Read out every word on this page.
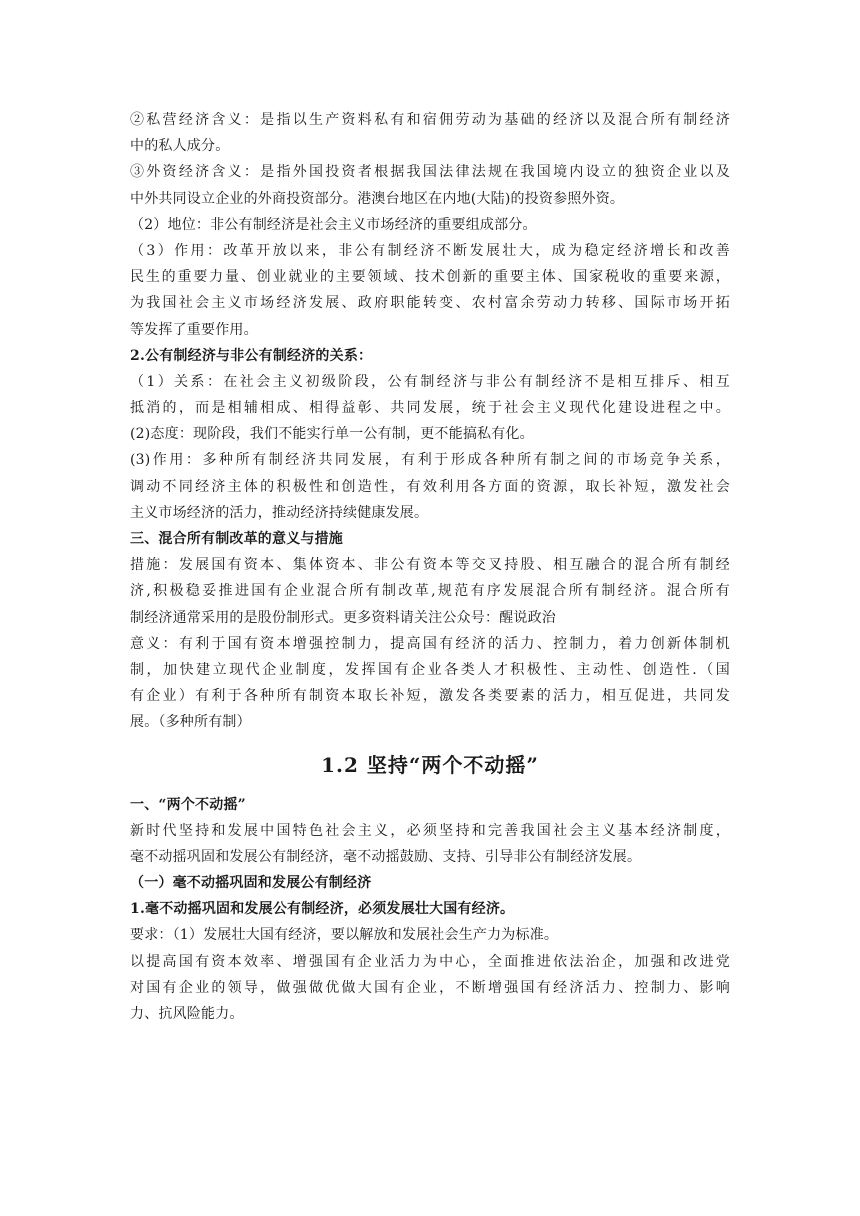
②私营经济含义：是指以生产资料私有和宿佣劳动为基础的经济以及混合所有制经济
中的私人成分。
③外资经济含义：是指外国投资者根据我国法律法规在我国境内设立的独资企业以及
中外共同设立企业的外商投资部分。港澳台地区在内地(大陆)的投资参照外资。
（2）地位：非公有制经济是社会主义市场经济的重要组成部分。
（3）作用：改革开放以来，非公有制经济不断发展壮大，成为稳定经济增长和改善
民生的重要力量、创业就业的主要领域、技术创新的重要主体、国家税收的重要来源，
为我国社会主义市场经济发展、政府职能转变、农村富余劳动力转移、国际市场开拓
等发挥了重要作用。
2.公有制经济与非公有制经济的关系：
（1）关系：在社会主义初级阶段，公有制经济与非公有制经济不是相互排斥、相互
抵消的，而是相辅相成、相得益彰、共同发展，统于社会主义现代化建设进程之中。
(2)态度：现阶段，我们不能实行单一公有制，更不能搞私有化。
(3)作用：多种所有制经济共同发展，有利于形成各种所有制之间的市场竞争关系，
调动不同经济主体的积极性和创造性，有效利用各方面的资源，取长补短，激发社会
主义市场经济的活力，推动经济持续健康发展。
三、混合所有制改革的意义与措施
措施：发展国有资本、集体资本、非公有资本等交叉持股、相互融合的混合所有制经
济,积极稳妥推进国有企业混合所有制改革,规范有序发展混合所有制经济。混合所有
制经济通常采用的是股份制形式。更多资料请关注公众号：醒说政治
意义：有利于国有资本增强控制力，提高国有经济的活力、控制力，着力创新体制机
制，加快建立现代企业制度，发挥国有企业各类人才积极性、主动性、创造性.（国
有企业）有利于各种所有制资本取长补短，激发各类要素的活力，相互促进，共同发
展。（多种所有制）
1.2 坚持“两个不动摇”
一、“两个不动摇”
新时代坚持和发展中国特色社会主义，必须坚持和完善我国社会主义基本经济制度，
毫不动摇巩固和发展公有制经济，毫不动摇鼓励、支持、引导非公有制经济发展。
（一）毫不动摇巩固和发展公有制经济
1.毫不动摇巩固和发展公有制经济，必须发展壮大国有经济。
要求：（1）发展壮大国有经济，要以解放和发展社会生产力为标准。
以提高国有资本效率、增强国有企业活力为中心，全面推进依法治企，加强和改进党
对国有企业的领导，做强做优做大国有企业，不断增强国有经济活力、控制力、影响
力、抗风险能力。
